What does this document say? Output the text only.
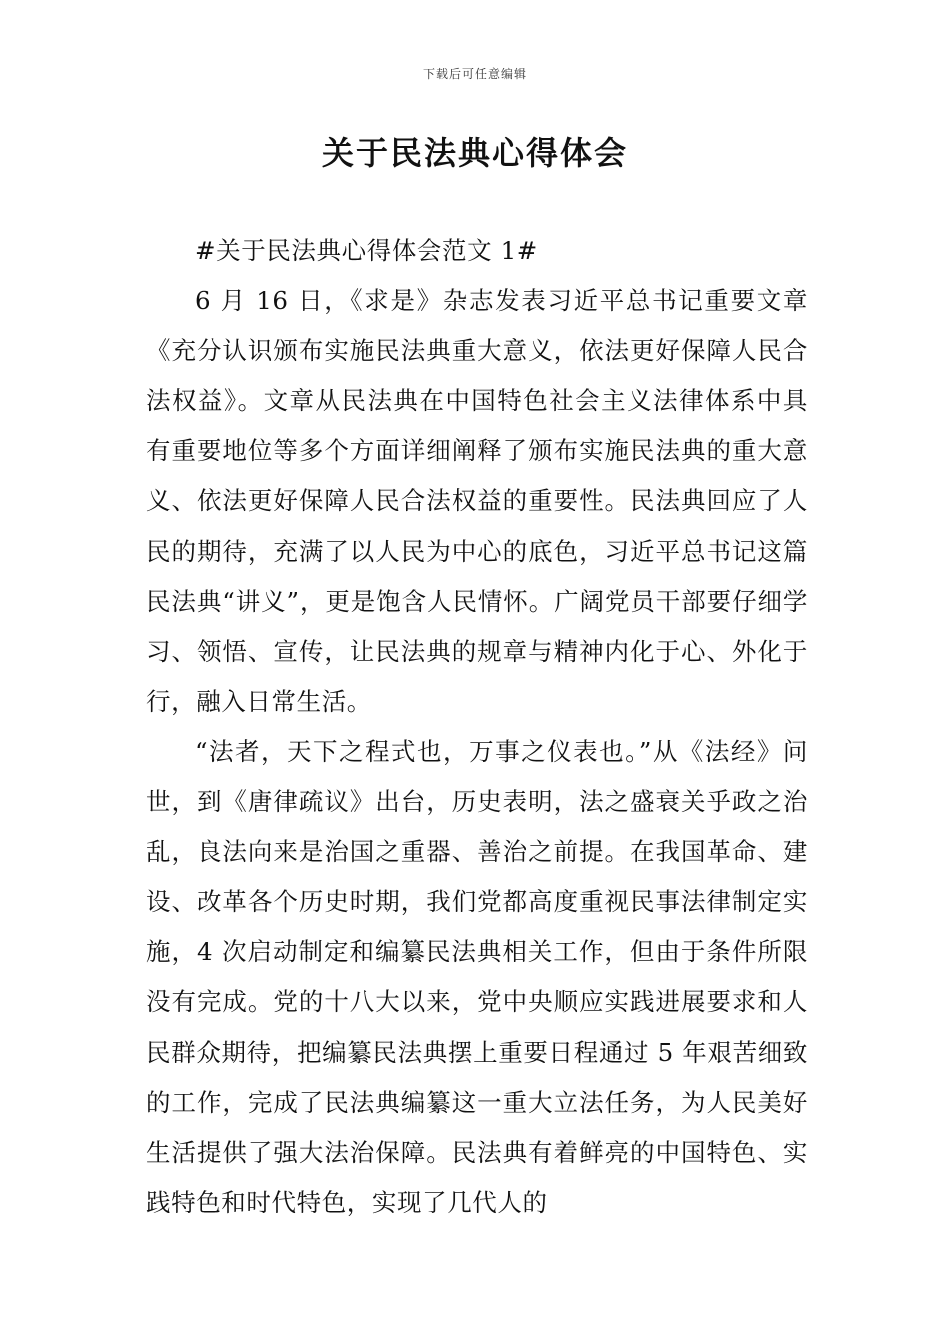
下载后可任意编辑
关于民法典心得体会

#关于民法典心得体会范文 1#

6 月 16 日，《求是》杂志发表习近平总书记重要文章《充分认识颁布实施民法典重大意义，依法更好保障人民合法权益》。文章从民法典在中国特色社会主义法律体系中具有重要地位等多个方面详细阐释了颁布实施民法典的重大意义、依法更好保障人民合法权益的重要性。民法典回应了人民的期待，充满了以人民为中心的底色，习近平总书记这篇民法典“讲义”，更是饱含人民情怀。广阔党员干部要仔细学习、领悟、宣传，让民法典的规章与精神内化于心、外化于行，融入日常生活。

“法者，天下之程式也，万事之仪表也。”从《法经》问世，到《唐律疏议》出台，历史表明，法之盛衰关乎政之治乱，良法向来是治国之重器、善治之前提。在我国革命、建设、改革各个历史时期，我们党都高度重视民事法律制定实施，4 次启动制定和编纂民法典相关工作，但由于条件所限没有完成。党的十八大以来，党中央顺应实践进展要求和人民群众期待，把编纂民法典摆上重要日程通过 5 年艰苦细致的工作，完成了民法典编纂这一重大立法任务，为人民美好生活提供了强大法治保障。民法典有着鲜亮的中国特色、实践特色和时代特色，实现了几代人的
